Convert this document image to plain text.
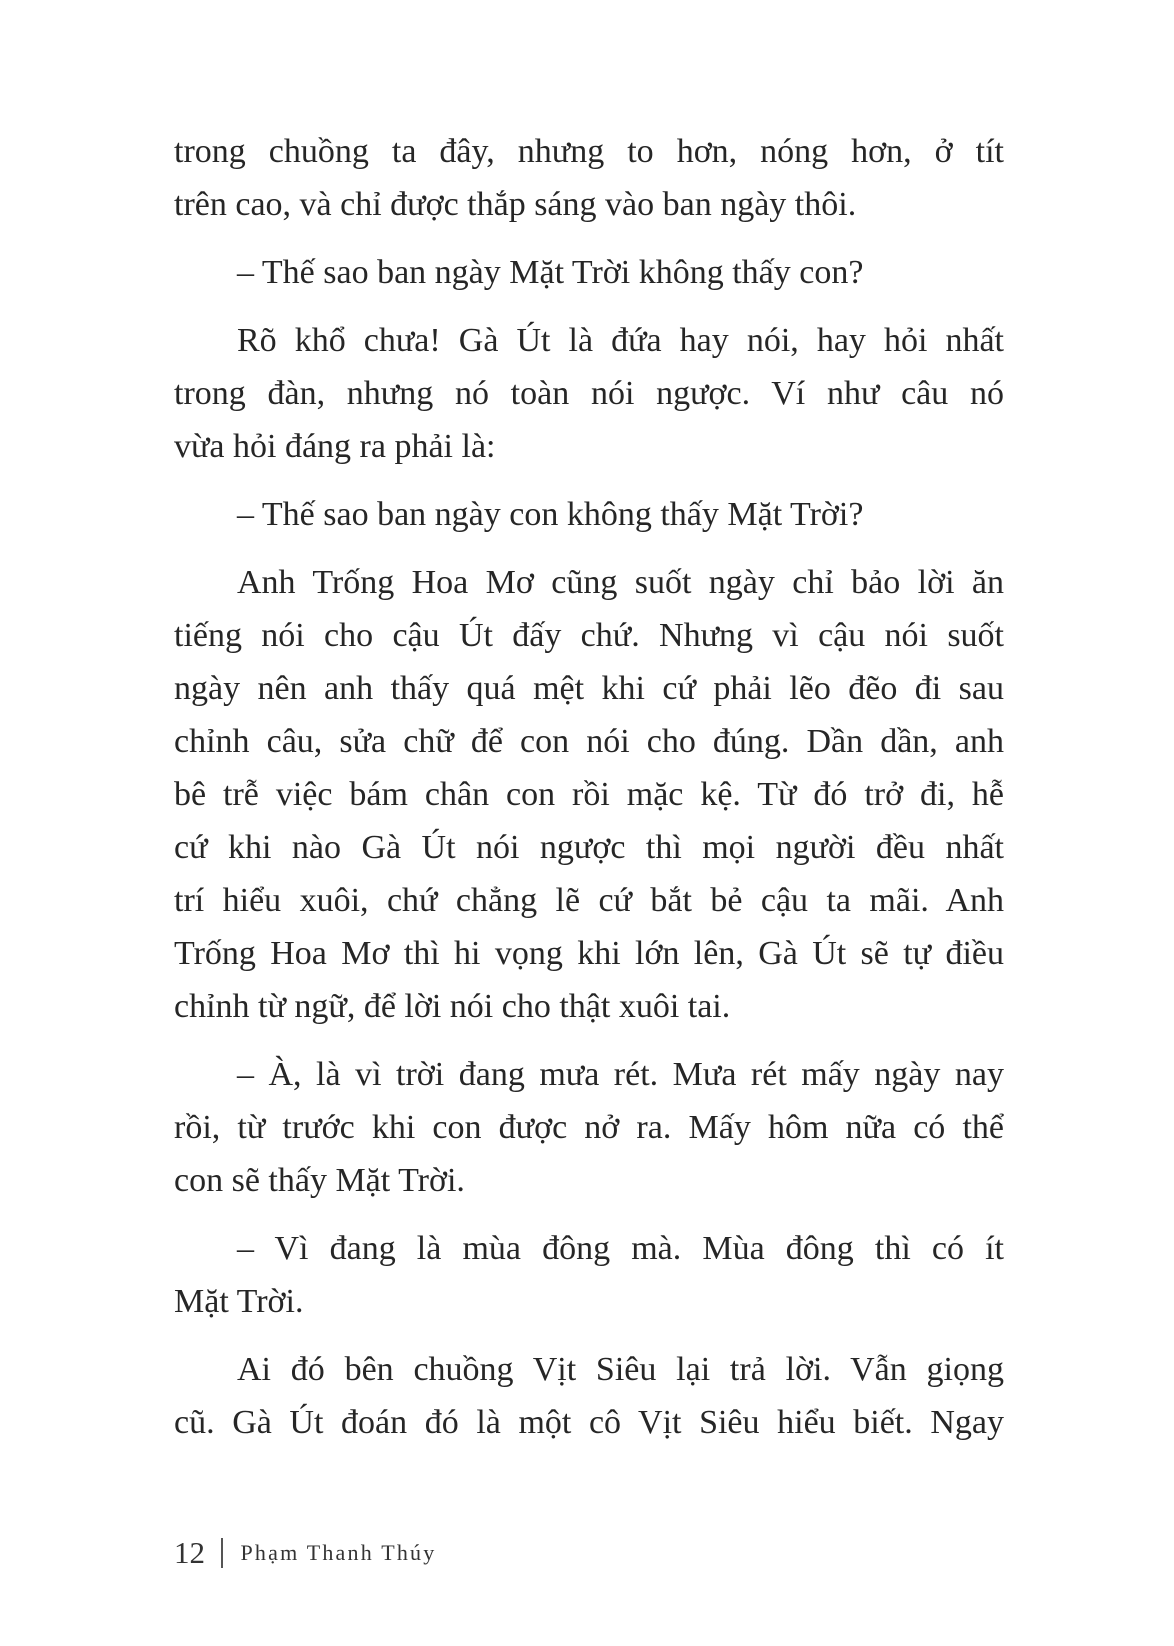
trong chuồng ta đây, nhưng to hơn, nóng hơn, ở tít
trên cao, và chỉ được thắp sáng vào ban ngày thôi.
– Thế sao ban ngày Mặt Trời không thấy con?
Rõ khổ chưa! Gà Út là đứa hay nói, hay hỏi nhất
trong đàn, nhưng nó toàn nói ngược. Ví như câu nó
vừa hỏi đáng ra phải là:
– Thế sao ban ngày con không thấy Mặt Trời?
Anh Trống Hoa Mơ cũng suốt ngày chỉ bảo lời ăn
tiếng nói cho cậu Út đấy chứ. Nhưng vì cậu nói suốt
ngày nên anh thấy quá mệt khi cứ phải lẽo đẽo đi sau
chỉnh câu, sửa chữ để con nói cho đúng. Dần dần, anh
bê trễ việc bám chân con rồi mặc kệ. Từ đó trở đi, hễ
cứ khi nào Gà Út nói ngược thì mọi người đều nhất
trí hiểu xuôi, chứ chẳng lẽ cứ bắt bẻ cậu ta mãi. Anh
Trống Hoa Mơ thì hi vọng khi lớn lên, Gà Út sẽ tự điều
chỉnh từ ngữ, để lời nói cho thật xuôi tai.
– À, là vì trời đang mưa rét. Mưa rét mấy ngày nay
rồi, từ trước khi con được nở ra. Mấy hôm nữa có thể
con sẽ thấy Mặt Trời.
– Vì đang là mùa đông mà. Mùa đông thì có ít
Mặt Trời.
Ai đó bên chuồng Vịt Siêu lại trả lời. Vẫn giọng
cũ. Gà Út đoán đó là một cô Vịt Siêu hiểu biết. Ngay
12 Phạm Thanh Thúy
